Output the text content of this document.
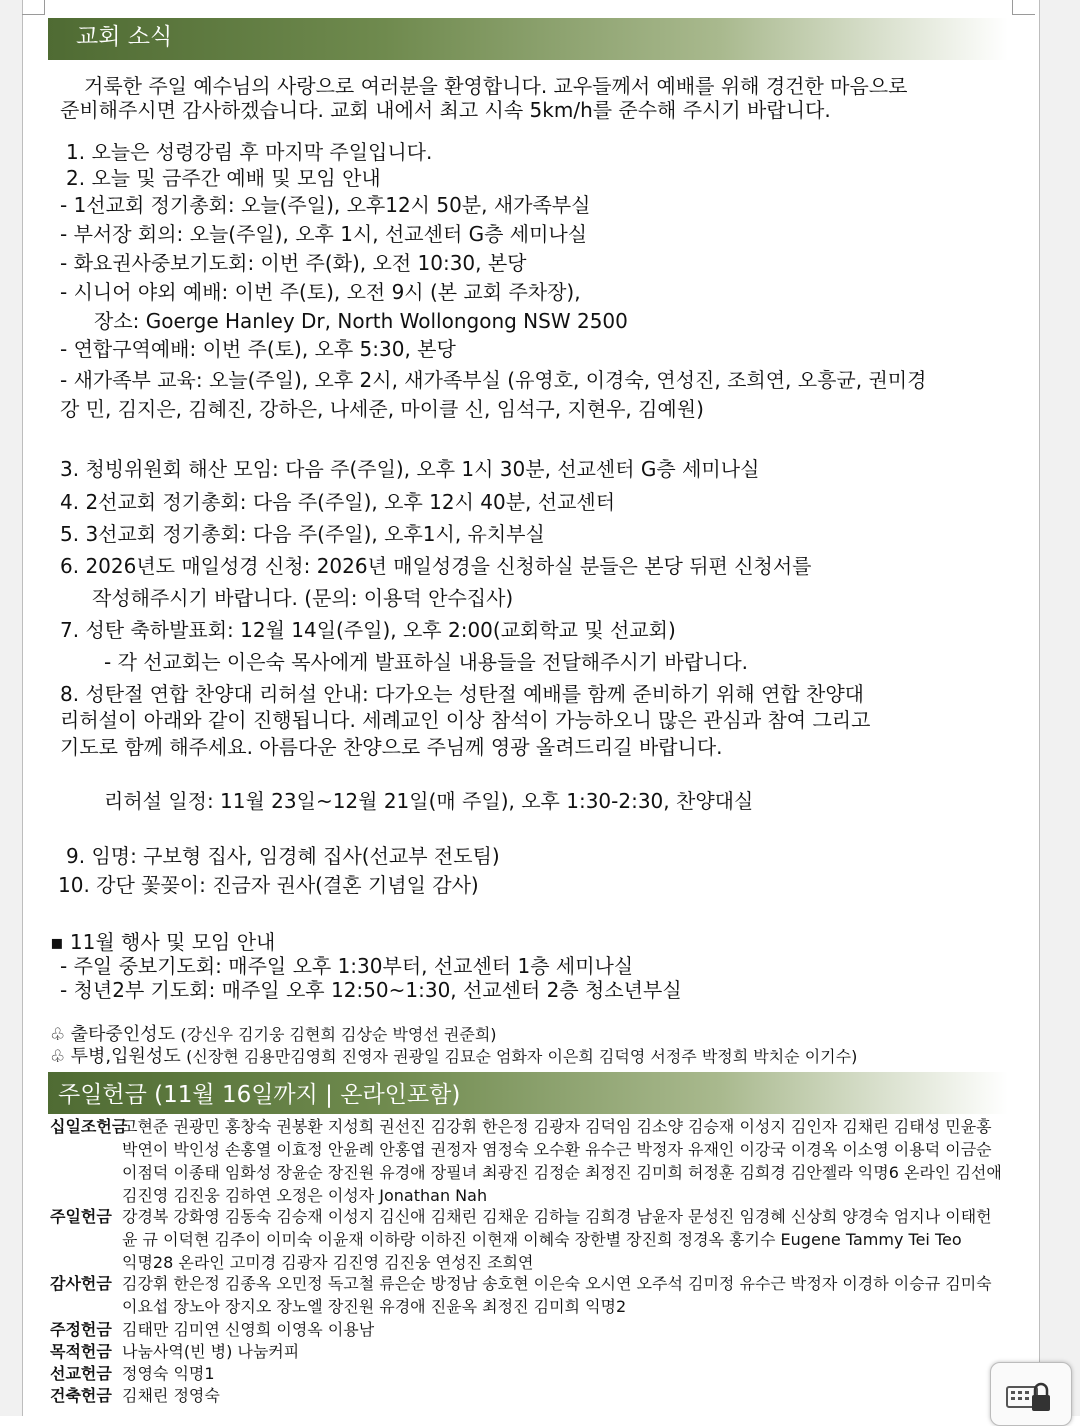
교회 소식
거룩한 주일 예수님의 사랑으로 여러분을 환영합니다. 교우들께서 예배를 위해 경건한 마음으로
준비해주시면 감사하겠습니다. 교회 내에서 최고 시속 5km/h를 준수해 주시기 바랍니다.
1. 오늘은 성령강림 후 마지막 주일입니다.
2. 오늘 및 금주간 예배 및 모임 안내
- 1선교회 정기총회: 오늘(주일), 오후12시 50분, 새가족부실
- 부서장 회의: 오늘(주일), 오후 1시, 선교센터 G층 세미나실
- 화요권사중보기도회: 이번 주(화), 오전 10:30, 본당
- 시니어 야외 예배: 이번 주(토), 오전 9시 (본 교회 주차장),
장소: Goerge Hanley Dr, North Wollongong NSW 2500
- 연합구역예배: 이번 주(토), 오후 5:30, 본당
- 새가족부 교육: 오늘(주일), 오후 2시, 새가족부실 (유영호, 이경숙, 연성진, 조희연, 오흥균, 권미경
강 민, 김지은, 김혜진, 강하은, 나세준, 마이클 신, 임석구, 지현우, 김예원)
3. 청빙위원회 해산 모임: 다음 주(주일), 오후 1시 30분, 선교센터 G층 세미나실
4. 2선교회 정기총회: 다음 주(주일), 오후 12시 40분, 선교센터
5. 3선교회 정기총회: 다음 주(주일), 오후1시, 유치부실
6. 2026년도 매일성경 신청: 2026년 매일성경을 신청하실 분들은 본당 뒤편 신청서를
작성해주시기 바랍니다. (문의: 이용덕 안수집사)
7. 성탄 축하발표회: 12월 14일(주일), 오후 2:00(교회학교 및 선교회)
- 각 선교회는 이은숙 목사에게 발표하실 내용들을 전달해주시기 바랍니다.
8. 성탄절 연합 찬양대 리허설 안내: 다가오는 성탄절 예배를 함께 준비하기 위해 연합 찬양대
리허설이 아래와 같이 진행됩니다. 세례교인 이상 참석이 가능하오니 많은 관심과 참여 그리고
기도로 함께 해주세요. 아름다운 찬양으로 주님께 영광 올려드리길 바랍니다.
리허설 일정: 11월 23일~12월 21일(매 주일), 오후 1:30-2:30, 찬양대실
9. 임명: 구보형 집사, 임경혜 집사(선교부 전도팀)
10. 강단 꽃꽂이: 진금자 권사(결혼 기념일 감사)
▪ 11월 행사 및 모임 안내
- 주일 중보기도회: 매주일 오후 1:30부터, 선교센터 1층 세미나실
- 청년2부 기도회: 매주일 오후 12:50~1:30, 선교센터 2층 청소년부실
♧ 출타중인성도 (강신우 김기웅 김현희 김상순 박영선 권준희)
♧ 투병,입원성도 (신장현 김용만김영희 진영자 권광일 김묘순 엄화자 이은희 김덕영 서정주 박정희 박치순 이기수)
주일헌금 (11월 16일까지 | 온라인포함)
십일조헌금
고현준 권광민 홍창숙 권봉환 지성희 권선진 김강휘 한은정 김광자 김덕임 김소양 김승재 이성지 김인자 김채린 김태성 민윤홍
박연이 박인성 손홍열 이효정 안윤례 안홍엽 권정자 염정숙 오수환 유수근 박정자 유재인 이강국 이경옥 이소영 이용덕 이금순
이점덕 이종태 임화성 장윤순 장진원 유경애 장필녀 최광진 김정순 최정진 김미희 허정훈 김희경 김안젤라 익명6 온라인 김선애
김진영 김진웅 김하연 오정은 이성자 Jonathan Nah
주일헌금 강경복 강화영 김동숙 김승재 이성지 김신애 김채린 김채운 김하늘 김희경 남윤자 문성진 임경혜 신상희 양경숙 엄지나 이태헌
윤 규 이덕현 김주이 이미숙 이윤재 이하랑 이하진 이현재 이혜숙 장한별 장진희 정경옥 홍기수 Eugene Tammy Tei Teo
익명28 온라인 고미경 김광자 김진영 김진웅 연성진 조희연
감사헌금 김강휘 한은정 김종옥 오민정 독고철 류은순 방정남 송호현 이은숙 오시연 오주석 김미정 유수근 박정자 이경하 이승규 김미숙
이요섭 장노아 장지오 장노엘 장진원 유경애 진윤옥 최정진 김미희 익명2
주정헌금 김태만 김미연 신영희 이영옥 이용남
목적헌금 나눔사역(빈 병) 나눔커피
선교헌금 정영숙 익명1
건축헌금 김채린 정영숙
